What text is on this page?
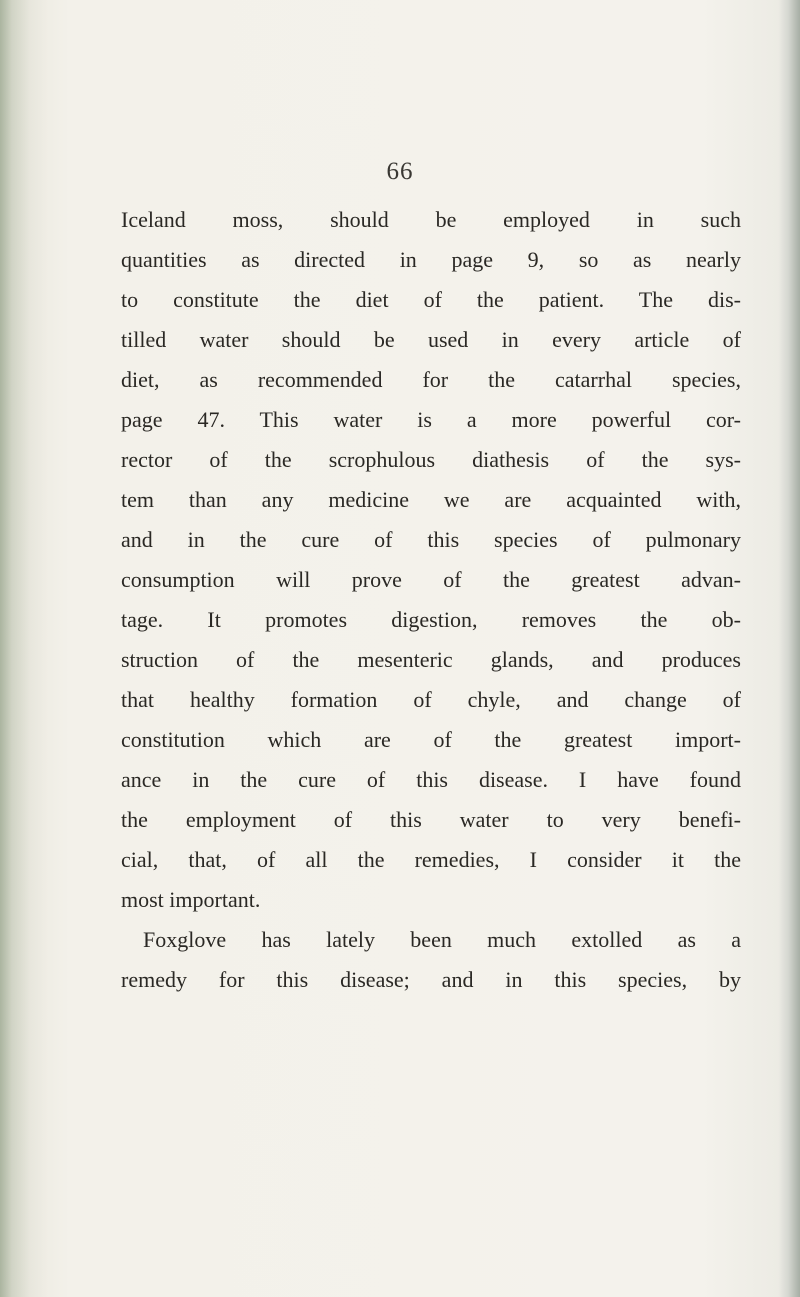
66
Iceland moss, should be employed in such
quantities as directed in page 9, so as nearly
to constitute the diet of the patient. The dis-
tilled water should be used in every article of
diet, as recommended for the catarrhal species,
page 47. This water is a more powerful cor-
rector of the scrophulous diathesis of the sys-
tem than any medicine we are acquainted with,
and in the cure of this species of pulmonary
consumption will prove of the greatest advan-
tage. It promotes digestion, removes the ob-
struction of the mesenteric glands, and produces
that healthy formation of chyle, and change of
constitution which are of the greatest import-
ance in the cure of this disease. I have found
the employment of this water to very benefi-
cial, that, of all the remedies, I consider it the
most important.
Foxglove has lately been much extolled as a
remedy for this disease; and in this species, by
